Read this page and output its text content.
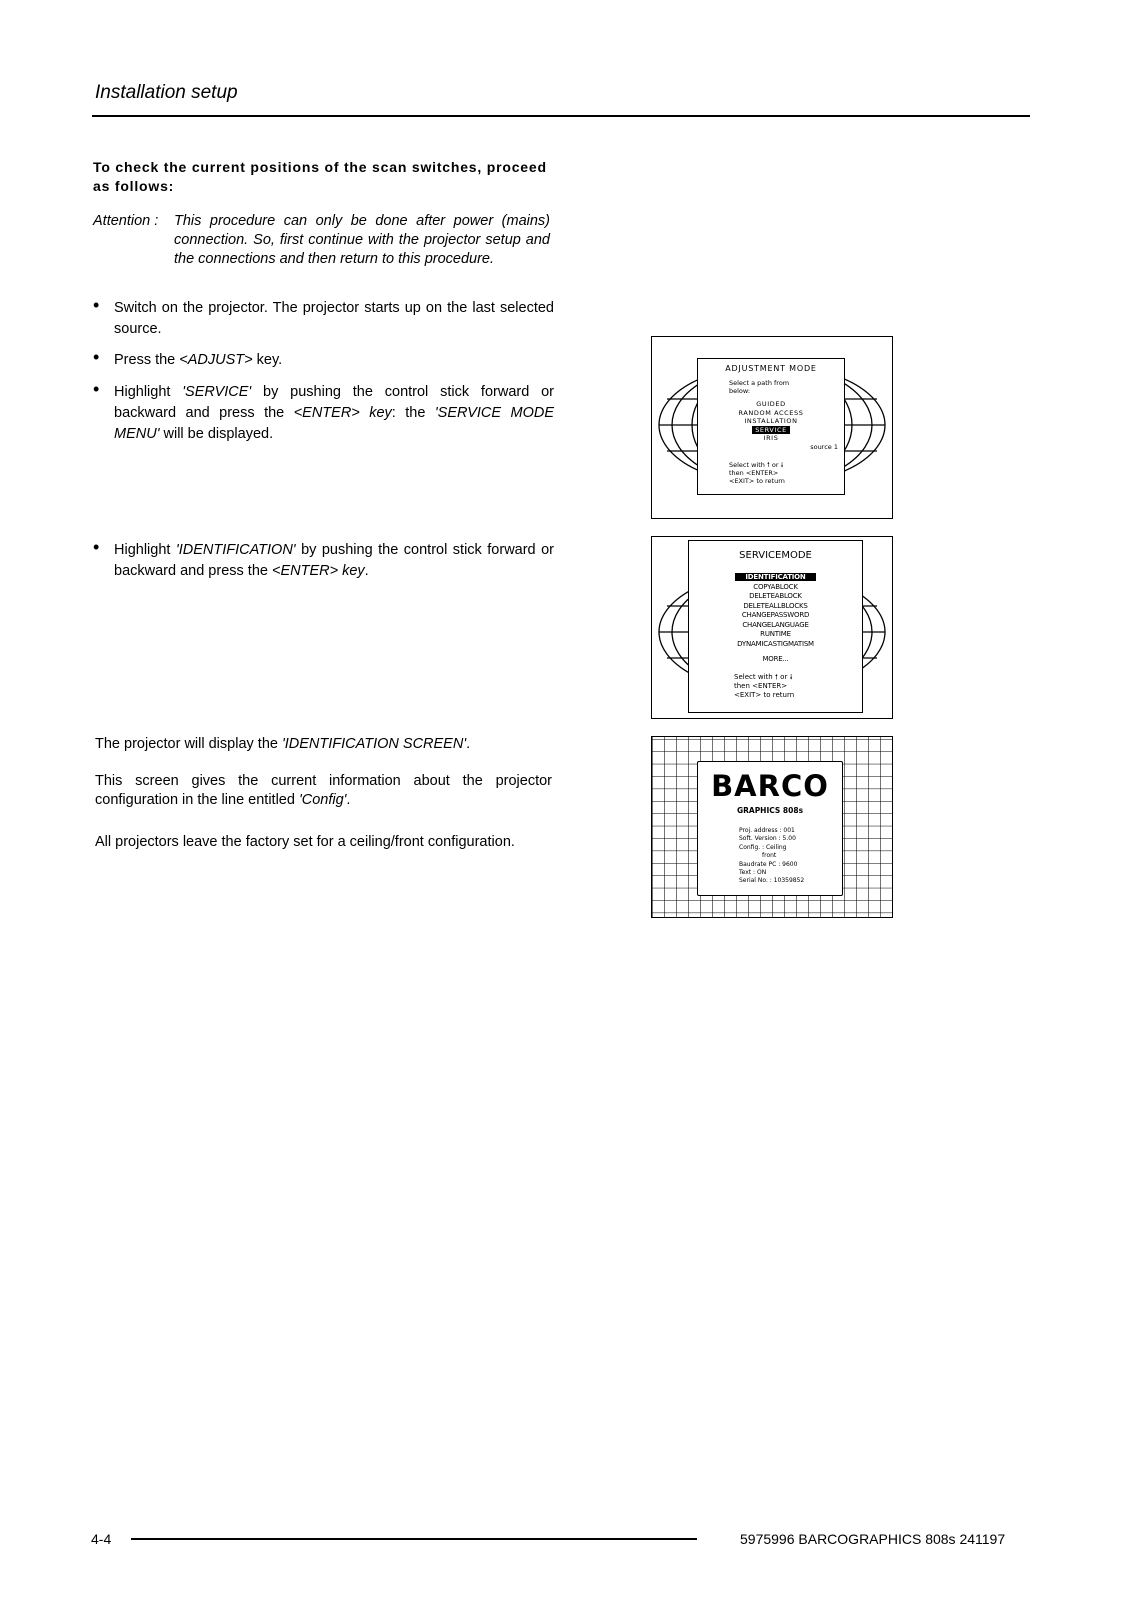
Installation setup
To check the current positions of the scan switches, proceed as follows:
Attention : This procedure can only be done after power (mains) connection. So, first continue with the projector setup and the connections and then return to this procedure.
• Switch on the projector. The projector starts up on the last selected source.
• Press the <ADJUST> key.
• Highlight 'SERVICE' by pushing the control stick forward or backward and press the <ENTER> key: the 'SERVICE MODE MENU' will be displayed.
• Highlight 'IDENTIFICATION' by pushing the control stick forward or backward and press the <ENTER> key.
The projector will display the 'IDENTIFICATION SCREEN'.
This screen gives the current information about the projector configuration in the line entitled 'Config'.
All projectors leave the factory set for a ceiling/front configuration.
ADJUSTMENT MODE
Select a path from
below:
GUIDED
RANDOM ACCESS
INSTALLATION
SERVICE
IRIS
source 1
Select with 🠕 or 🠗
then <ENTER>
<EXIT> to return
SERVICEMODE
IDENTIFICATION
COPYABLOCK
DELETEABLOCK
DELETEALLBLOCKS
CHANGEPASSWORD
CHANGELANGUAGE
RUNTIME
DYNAMICASTIGMATISM
MORE...
Select with 🠕 or 🠗
then <ENTER>
<EXIT> to return
BARCO
GRAPHICS 808s
Proj. address : 001
Soft. Version : 5.00
Config. : Ceiling
front
Baudrate PC : 9600
Text : ON
Serial No. : 10359852
4-4	5975996 BARCOGRAPHICS 808s 241197
